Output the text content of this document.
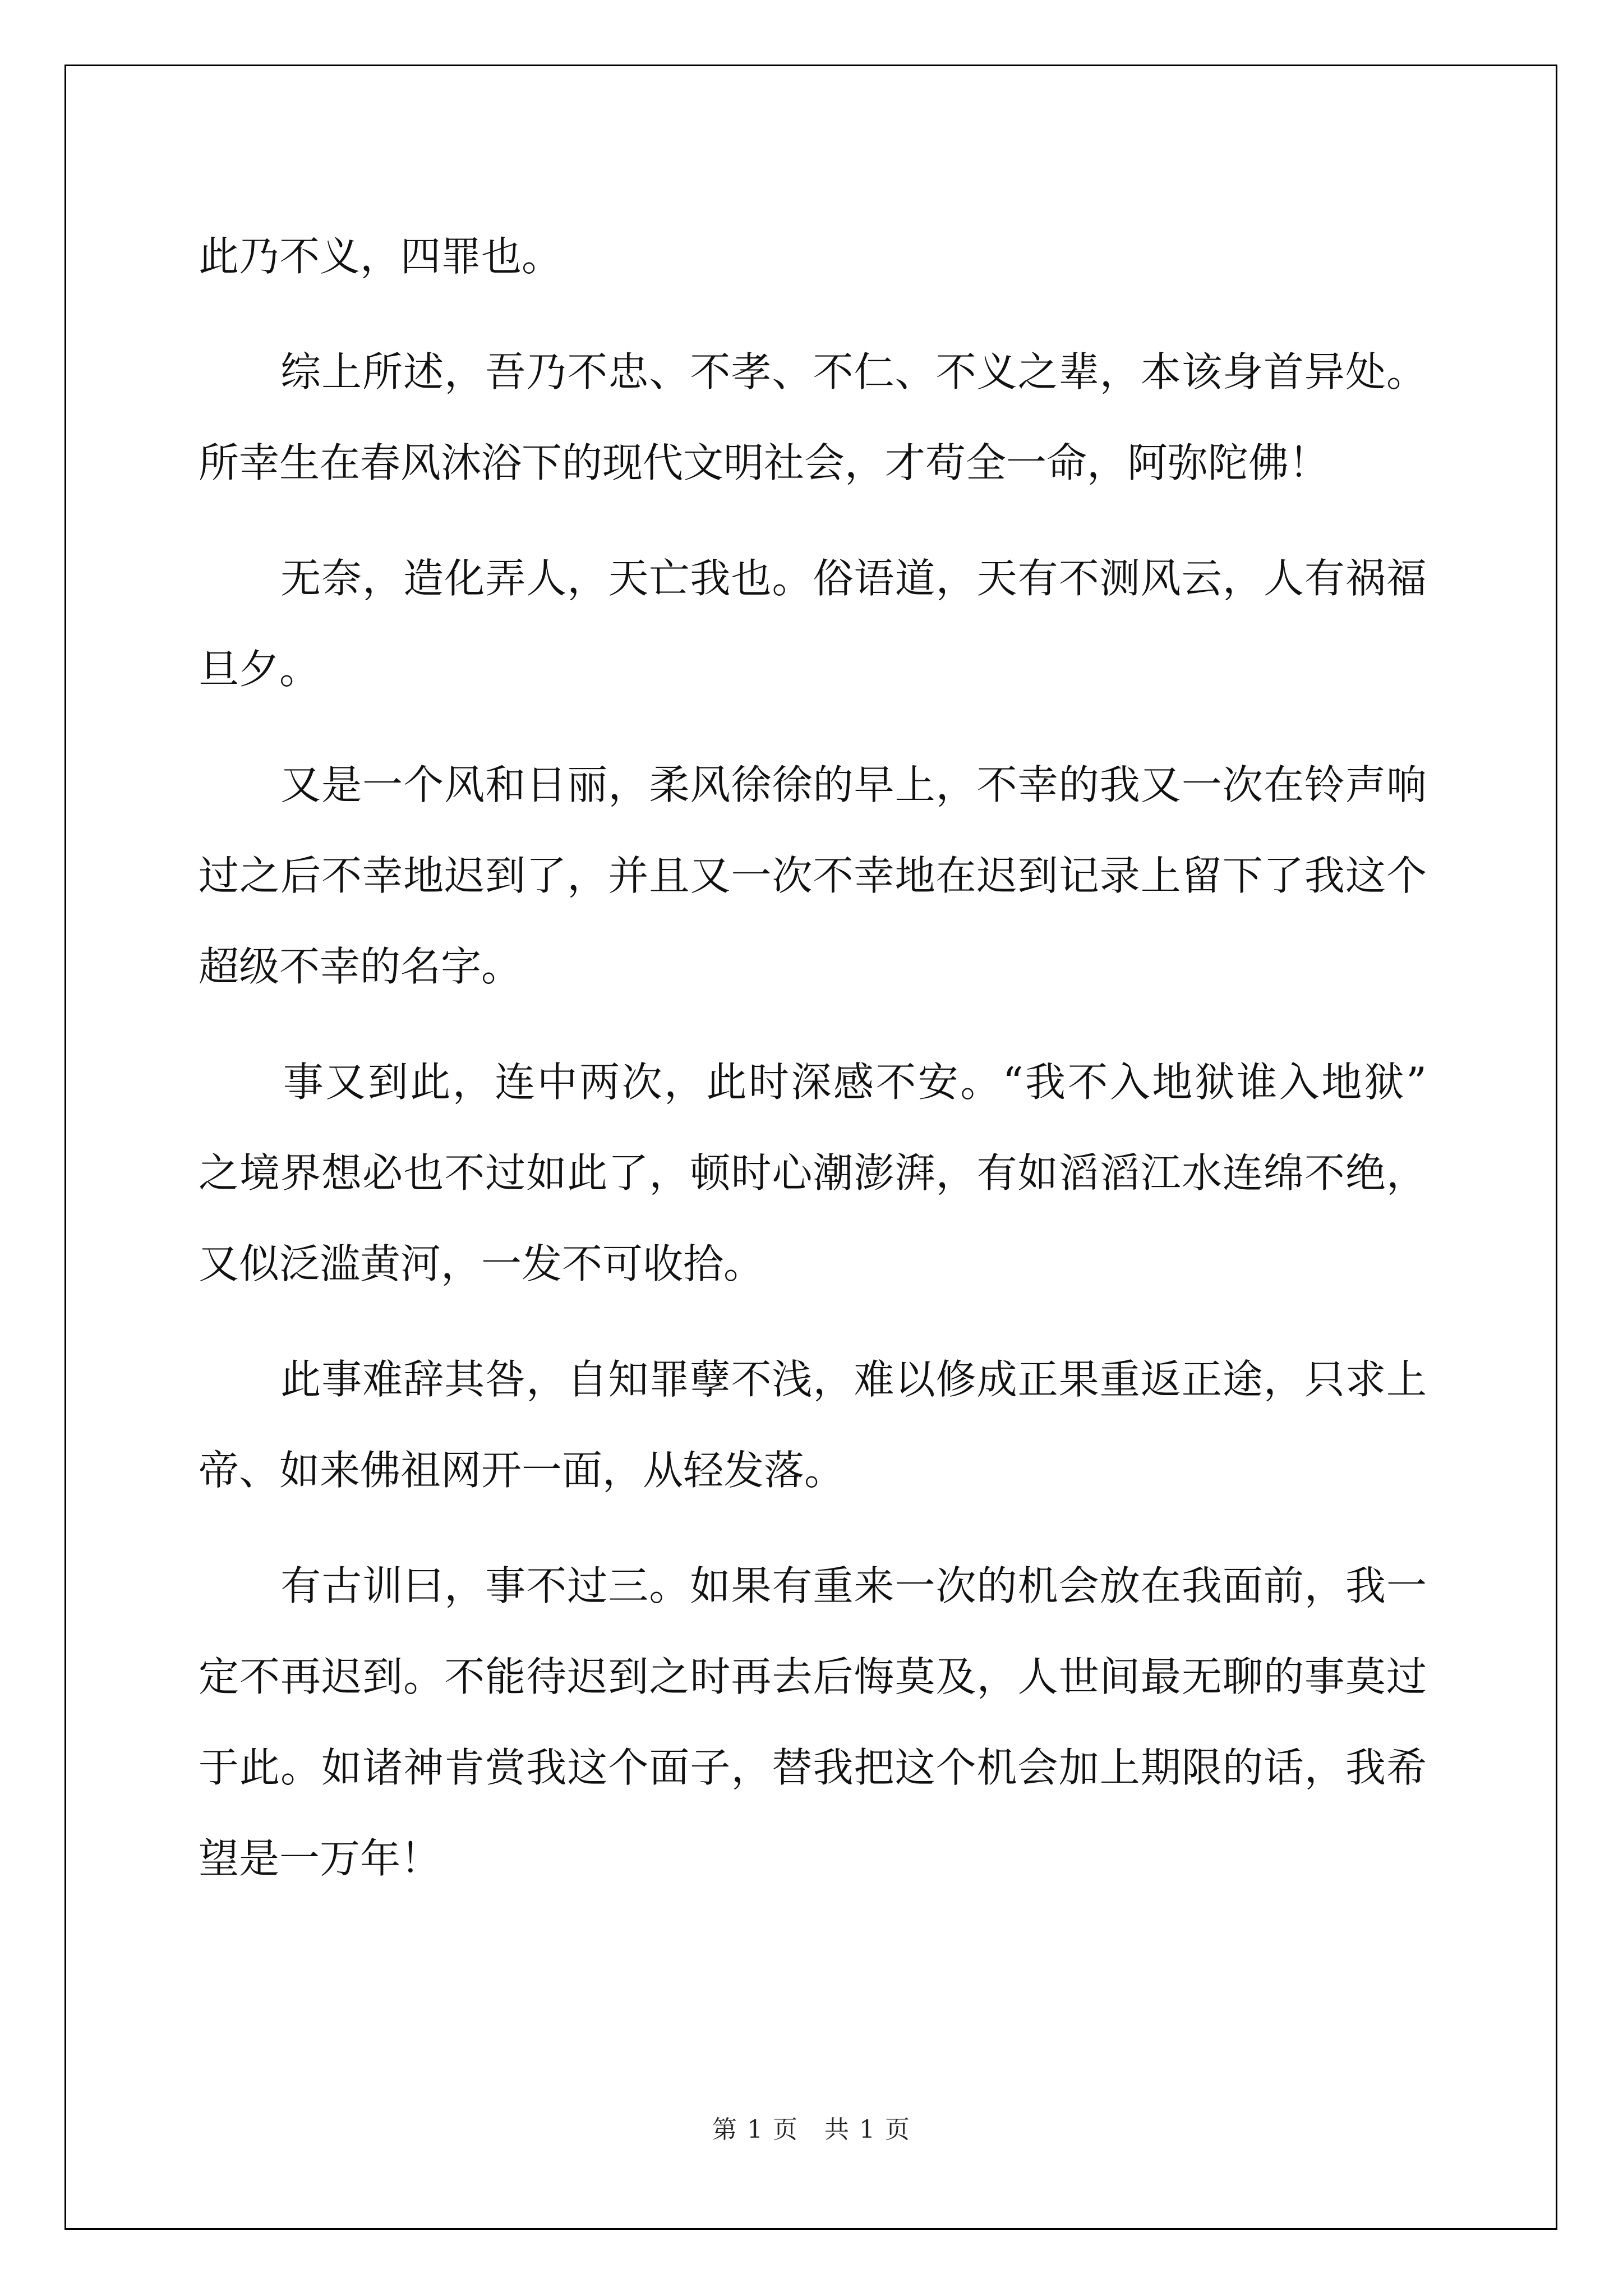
此乃不义，四罪也。
　　综上所述，吾乃不忠、不孝、不仁、不义之辈，本该身首异处。
所幸生在春风沐浴下的现代文明社会，才苟全一命，阿弥陀佛！
　　无奈，造化弄人，天亡我也。俗语道，天有不测风云，人有祸福
旦夕。
　　又是一个风和日丽，柔风徐徐的早上，不幸的我又一次在铃声响
过之后不幸地迟到了，并且又一次不幸地在迟到记录上留下了我这个
超级不幸的名字。
　　事又到此，连中两次，此时深感不安。“我不入地狱谁入地狱”
之境界想必也不过如此了，顿时心潮澎湃，有如滔滔江水连绵不绝，
又似泛滥黄河，一发不可收拾。
　　此事难辞其咎，自知罪孽不浅，难以修成正果重返正途，只求上
帝、如来佛祖网开一面，从轻发落。
　　有古训曰，事不过三。如果有重来一次的机会放在我面前，我一
定不再迟到。不能待迟到之时再去后悔莫及，人世间最无聊的事莫过
于此。如诸神肯赏我这个面子，替我把这个机会加上期限的话，我希
望是一万年！
第 1 页　共 1 页
